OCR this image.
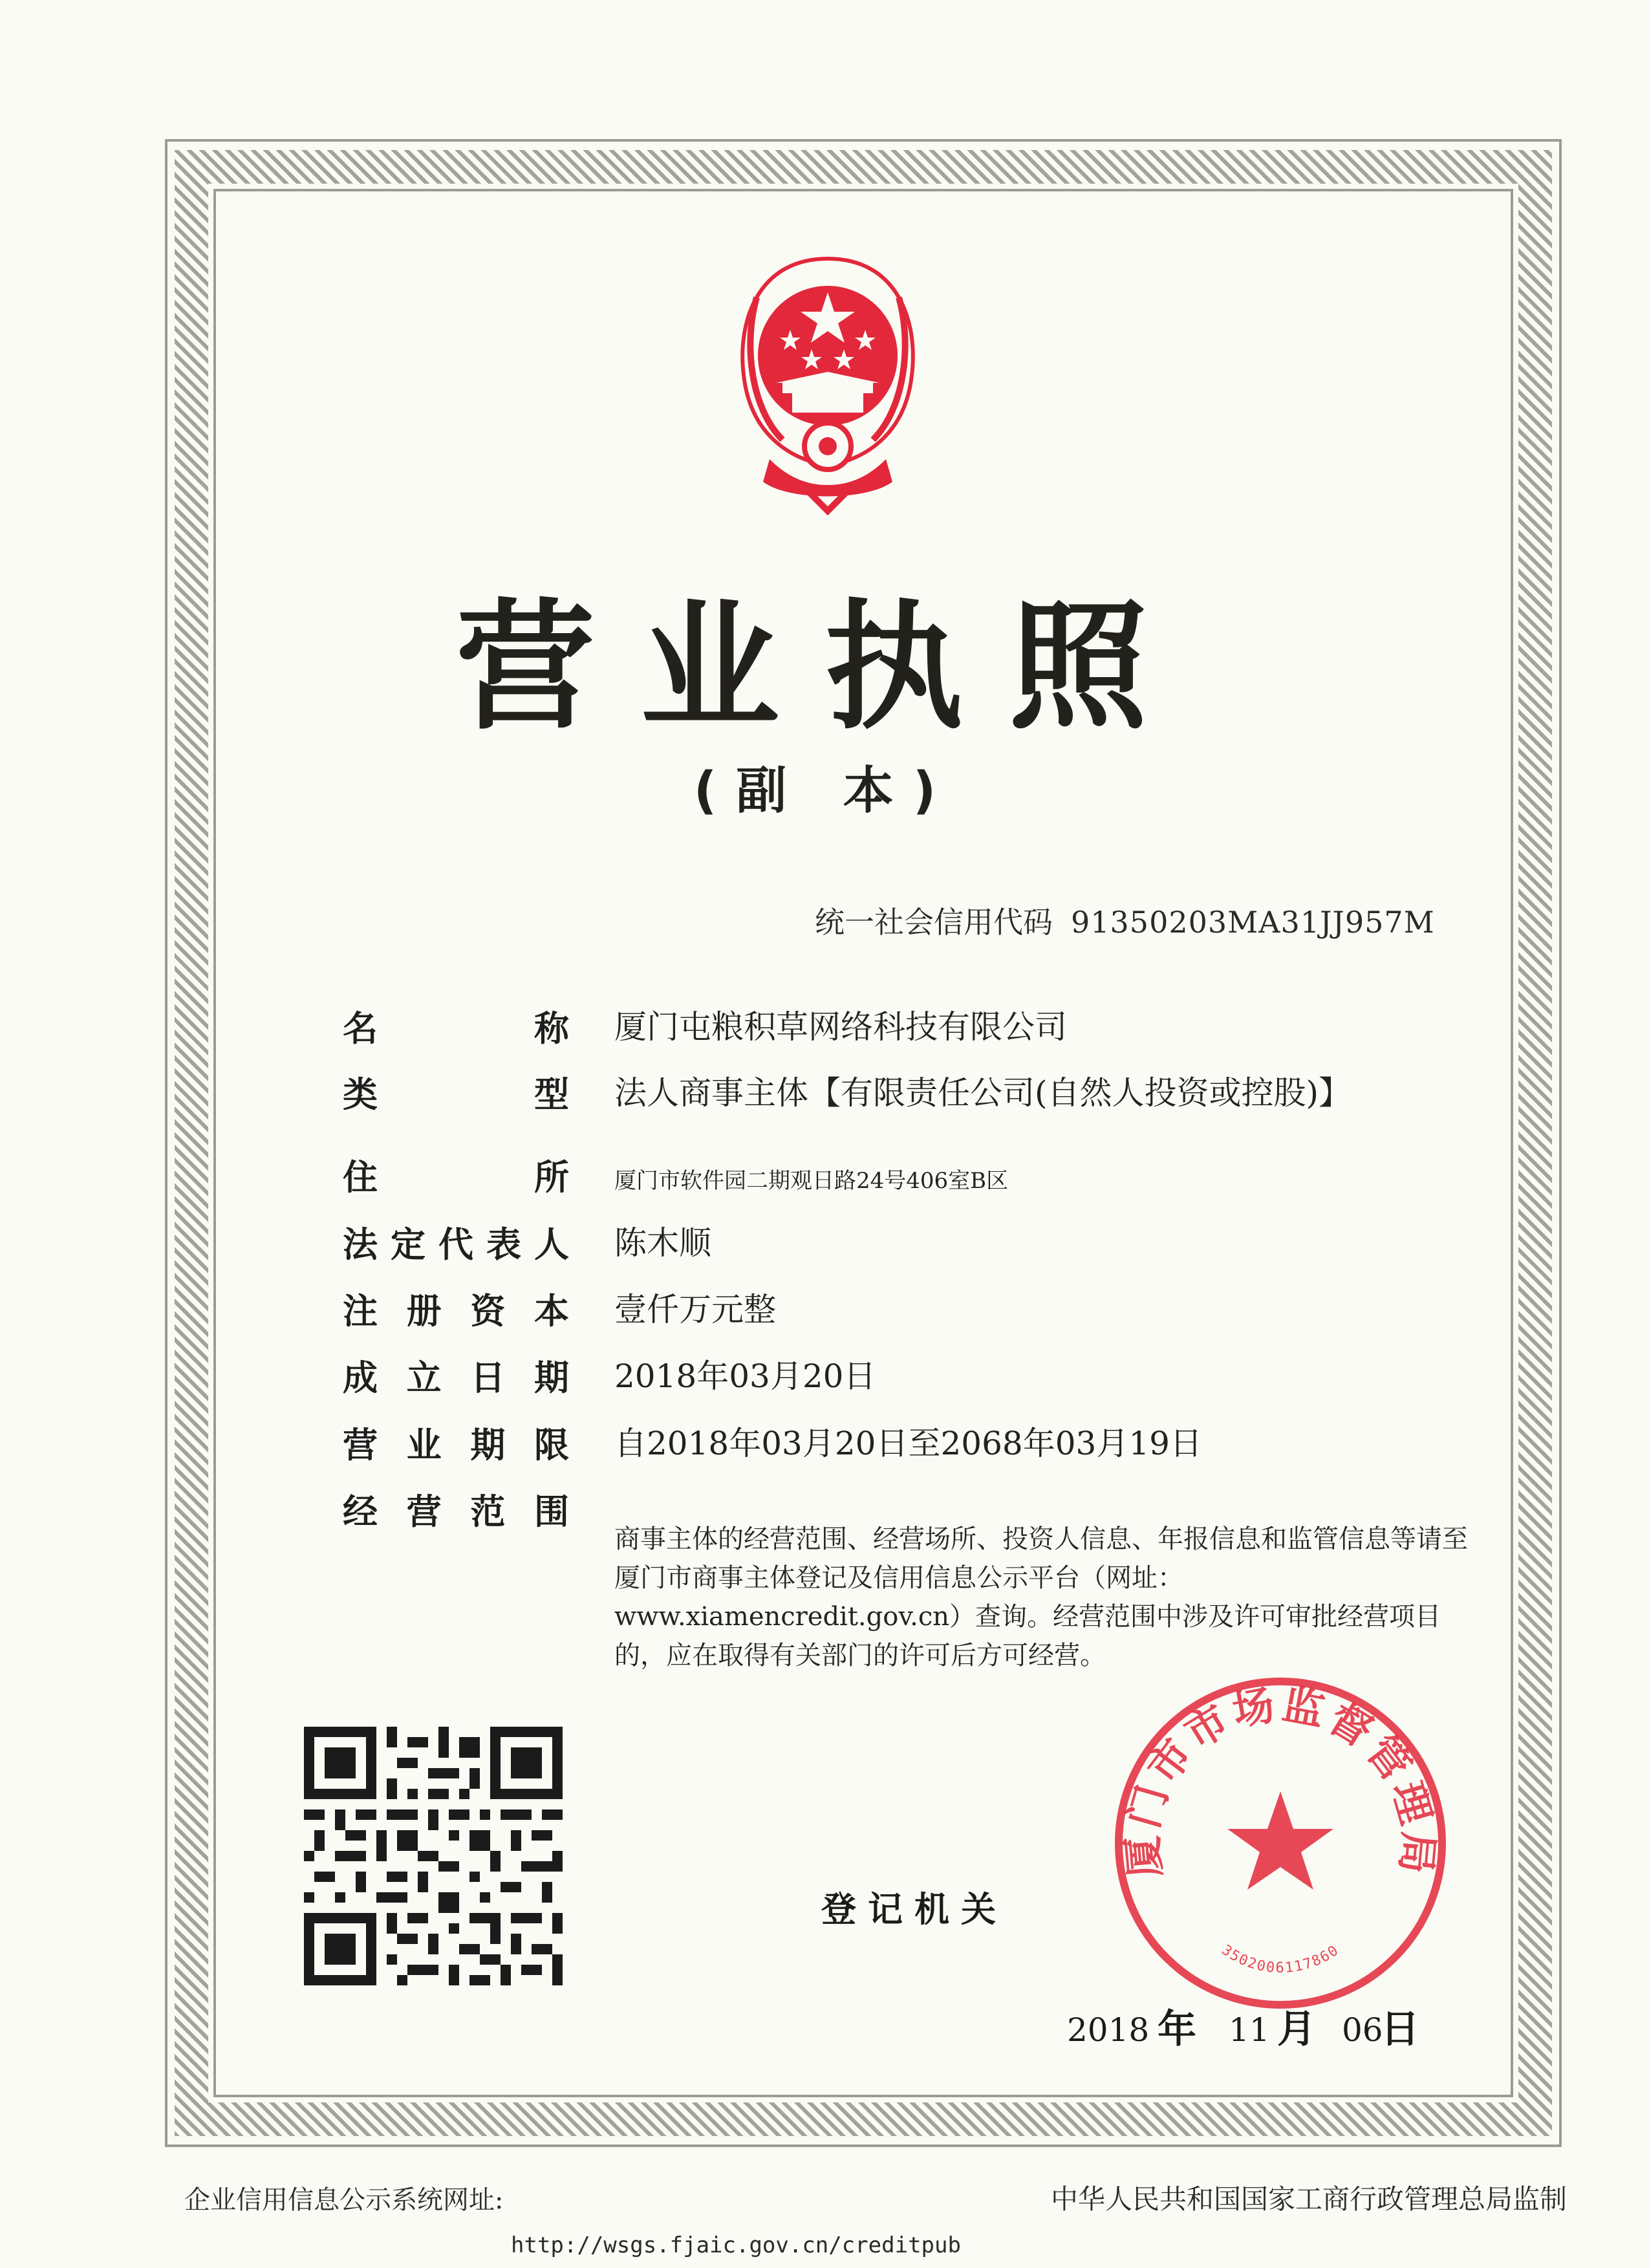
营业执照
(副 本)
统一社会信用代码 91350203MA31JJ957M
名	称 厦门屯粮积草网络科技有限公司
类	型 法人商事主体【有限责任公司(自然人投资或控股)】
住	所 厦门市软件园二期观日路24号406室B区
法 定 代 表 人 陈木顺
注 册 资 本 壹仟万元整
成 立 日 期 2018年03月20日
营 业 期 限 自2018年03月20日至2068年03月19日
经 营 范 围
商事主体的经营范围、经营场所、投资人信息、年报信息和监管信息等请至厦门市商事主体登记及信用信息公示平台（网址：www.xiamencredit.gov.cn）查询。经营范围中涉及许可审批经营项目的，应在取得有关部门的许可后方可经营。
登记机关
厦门市市场监督管理局
3502006117860
2018 年 11 月 06
日
企业信用信息公示系统网址:
http://wsgs.fjaic.gov.cn/creditpub
中华人民共和国国家工商行政管理总局监制
